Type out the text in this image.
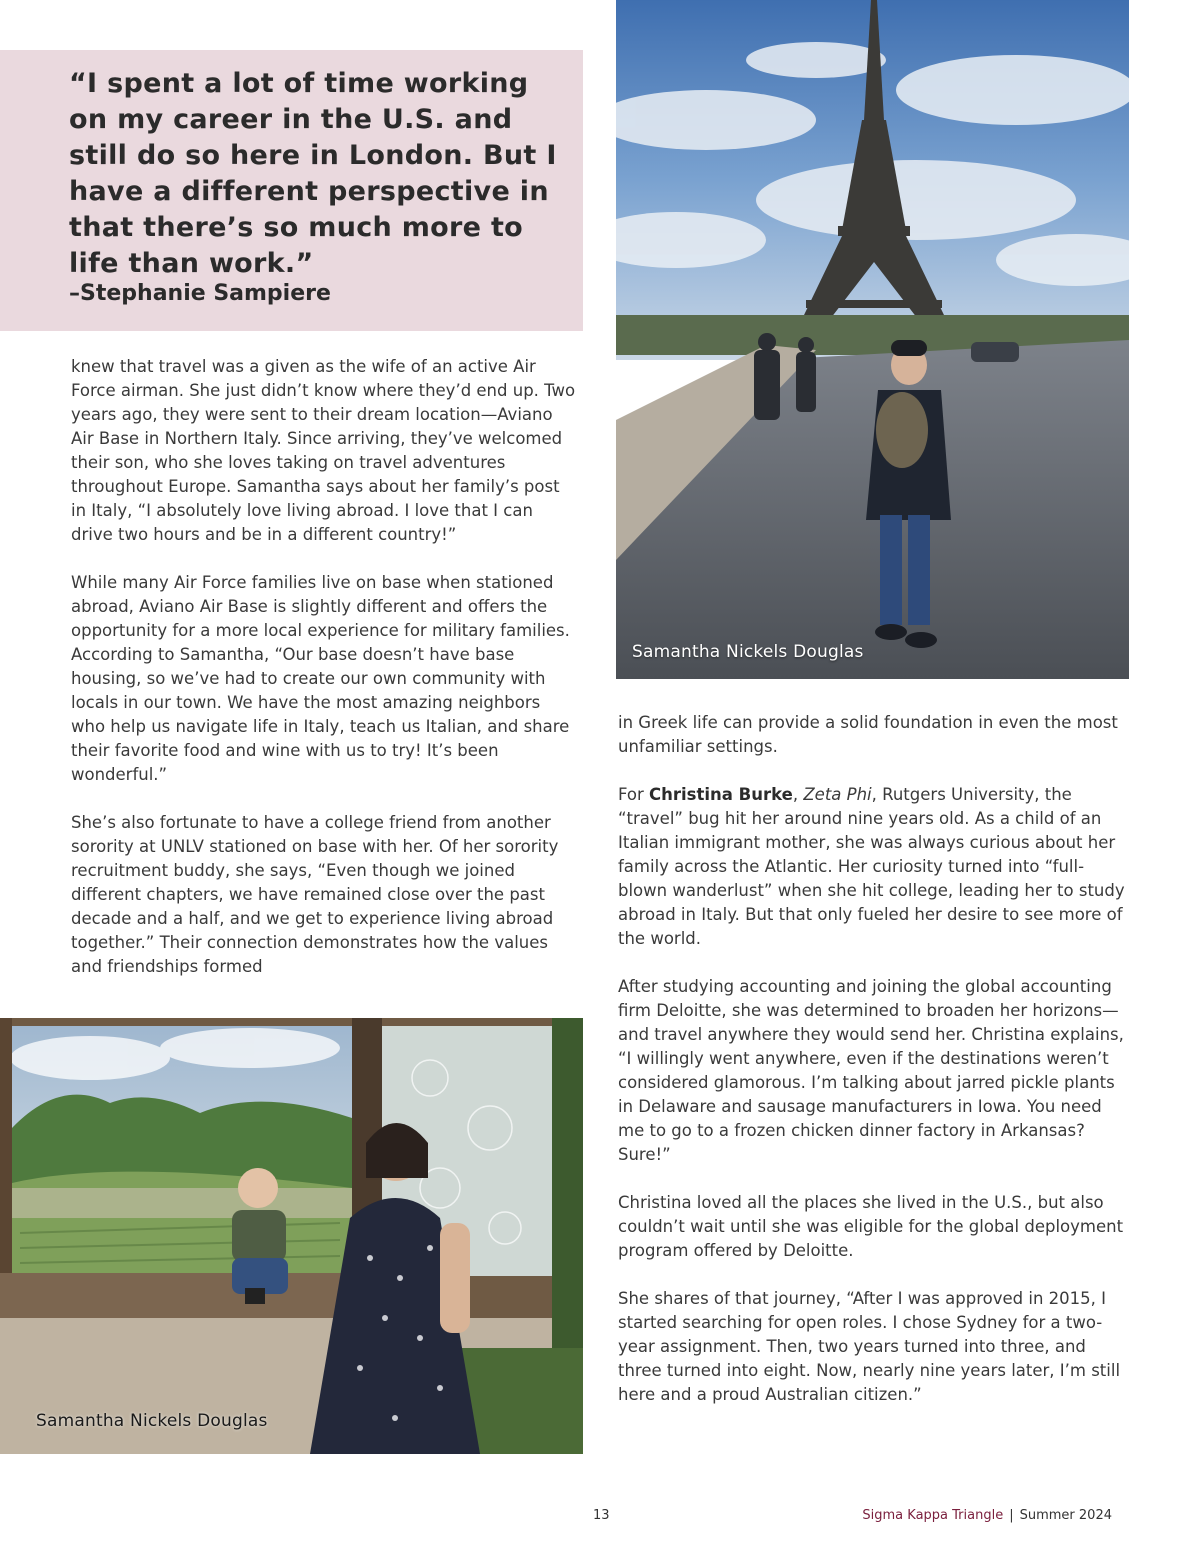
“I spent a lot of time working on my career in the U.S. and still do so here in London. But I have a different perspective in that there’s so much more to life than work.”
–Stephanie Sampiere

knew that travel was a given as the wife of an active Air Force airman. She just didn’t know where they’d end up. Two years ago, they were sent to their dream location—Aviano Air Base in Northern Italy. Since arriving, they’ve welcomed their son, who she loves taking on travel adventures throughout Europe. Samantha says about her family’s post in Italy, “I absolutely love living abroad. I love that I can drive two hours and be in a different country!”

While many Air Force families live on base when stationed abroad, Aviano Air Base is slightly different and offers the opportunity for a more local experience for military families. According to Samantha, “Our base doesn’t have base housing, so we’ve had to create our own community with locals in our town. We have the most amazing neighbors who help us navigate life in Italy, teach us Italian, and share their favorite food and wine with us to try! It’s been wonderful.”

She’s also fortunate to have a college friend from another sorority at UNLV stationed on base with her. Of her sorority recruitment buddy, she says, “Even though we joined different chapters, we have remained close over the past decade and a half, and we get to experience living abroad together.” Their connection demonstrates how the values and friendships formed

Samantha Nickels Douglas

in Greek life can provide a solid foundation in even the most unfamiliar settings.

For Christina Burke, Zeta Phi, Rutgers University, the “travel” bug hit her around nine years old. As a child of an Italian immigrant mother, she was always curious about her family across the Atlantic. Her curiosity turned into “full-blown wanderlust” when she hit college, leading her to study abroad in Italy. But that only fueled her desire to see more of the world.

After studying accounting and joining the global accounting firm Deloitte, she was determined to broaden her horizons—and travel anywhere they would send her. Christina explains, “I willingly went anywhere, even if the destinations weren’t considered glamorous. I’m talking about jarred pickle plants in Delaware and sausage manufacturers in Iowa. You need me to go to a frozen chicken dinner factory in Arkansas? Sure!”

Christina loved all the places she lived in the U.S., but also couldn’t wait until she was eligible for the global deployment program offered by Deloitte.

She shares of that journey, “After I was approved in 2015, I started searching for open roles. I chose Sydney for a two-year assignment. Then, two years turned into three, and three turned into eight. Now, nearly nine years later, I’m still here and a proud Australian citizen.”

Samantha Nickels Douglas
13	Sigma Kappa Triangle | Summer 2024
